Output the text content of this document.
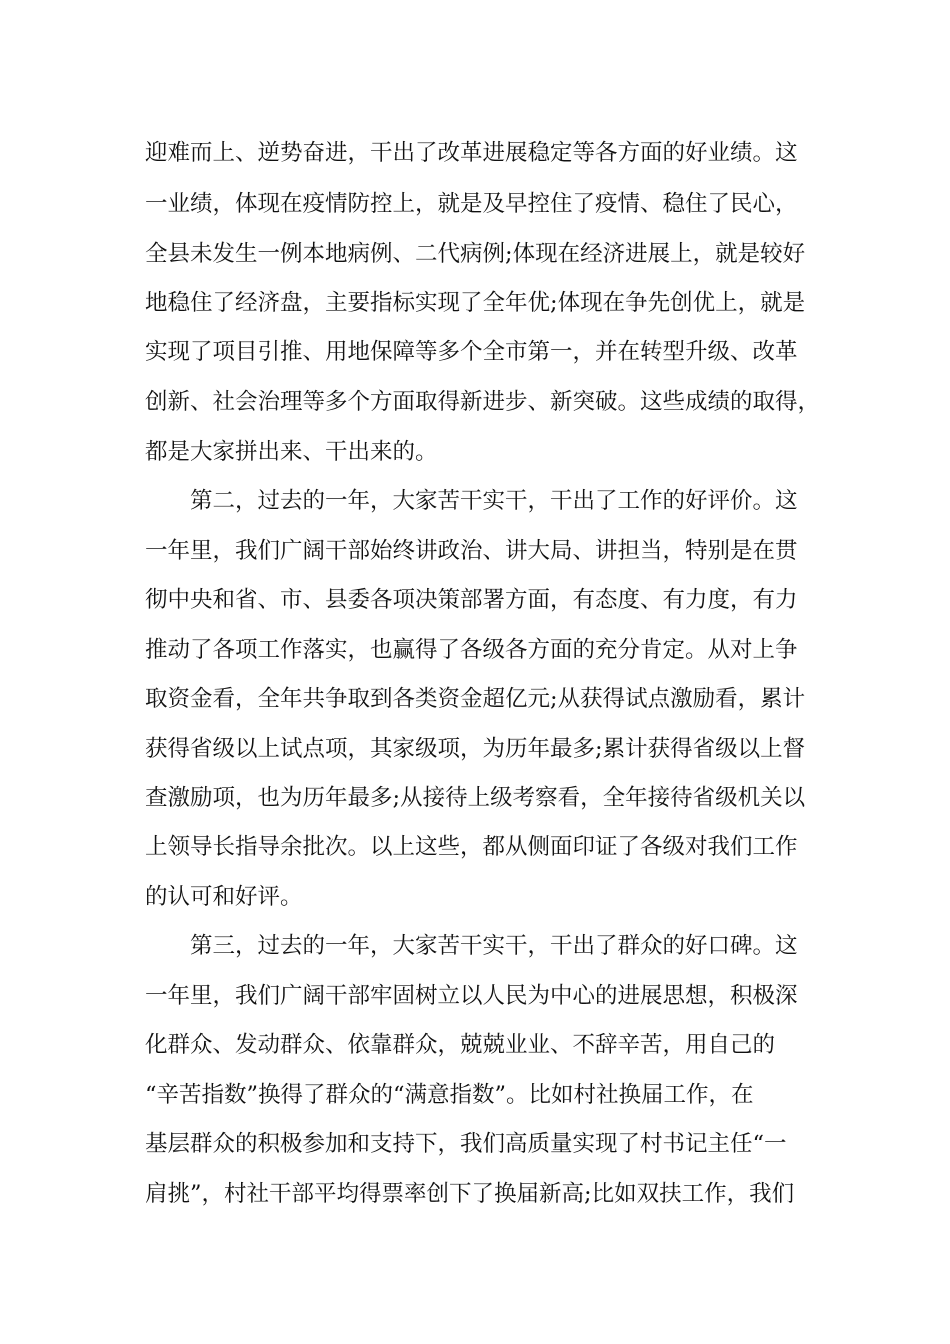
迎难而上、逆势奋进，干出了改革进展稳定等各方面的好业绩。这
一业绩，体现在疫情防控上，就是及早控住了疫情、稳住了民心，
全县未发生一例本地病例、二代病例;体现在经济进展上，就是较好
地稳住了经济盘，主要指标实现了全年优;体现在争先创优上，就是
实现了项目引推、用地保障等多个全市第一，并在转型升级、改革
创新、社会治理等多个方面取得新进步、新突破。这些成绩的取得，
都是大家拼出来、干出来的。
第二，过去的一年，大家苦干实干，干出了工作的好评价。这
一年里，我们广阔干部始终讲政治、讲大局、讲担当，特别是在贯
彻中央和省、市、县委各项决策部署方面，有态度、有力度，有力
推动了各项工作落实，也赢得了各级各方面的充分肯定。从对上争
取资金看，全年共争取到各类资金超亿元;从获得试点激励看，累计
获得省级以上试点项，其家级项，为历年最多;累计获得省级以上督
查激励项，也为历年最多;从接待上级考察看，全年接待省级机关以
上领导长指导余批次。以上这些，都从侧面印证了各级对我们工作
的认可和好评。
第三，过去的一年，大家苦干实干，干出了群众的好口碑。这
一年里，我们广阔干部牢固树立以人民为中心的进展思想，积极深
化群众、发动群众、依靠群众，兢兢业业、不辞辛苦，用自己的
“辛苦指数”换得了群众的“满意指数”。比如村社换届工作，在
基层群众的积极参加和支持下，我们高质量实现了村书记主任“一
肩挑”，村社干部平均得票率创下了换届新高;比如双扶工作，我们
